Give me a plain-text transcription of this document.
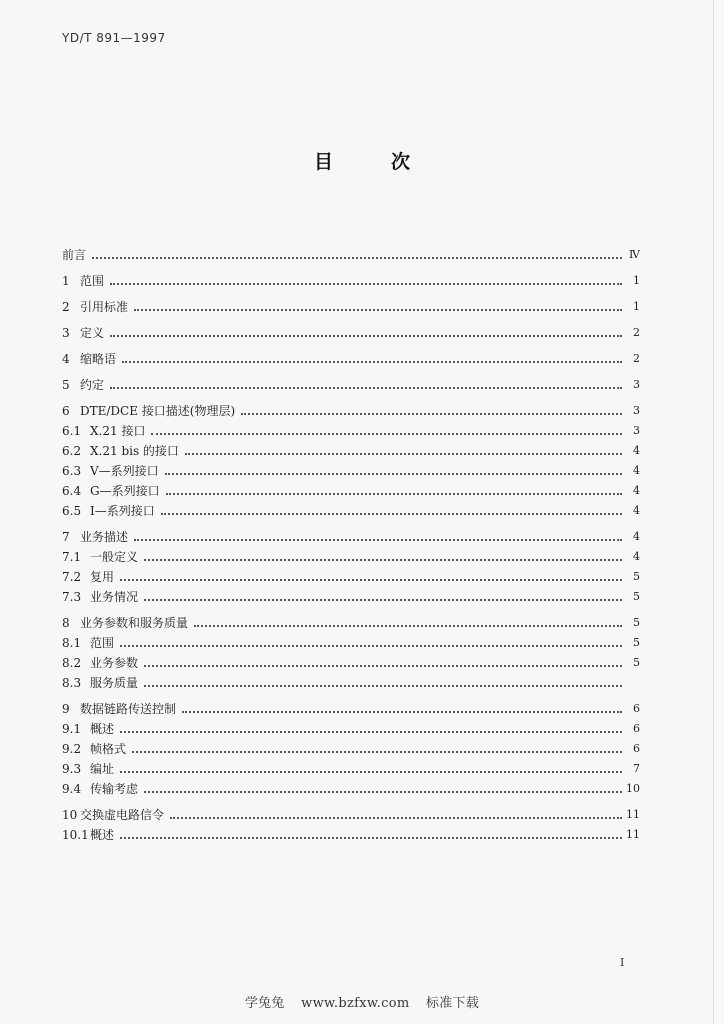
YD/T 891—1997
目	次
前言	Ⅳ
1 范围	1
2 引用标准	1
3 定义	2
4 缩略语	2
5 约定	3
6 DTE/DCE 接口描述(物理层)	3
6.1 X.21 接口	3
6.2 X.21 bis 的接口	4
6.3 V—系列接口	4
6.4 G—系列接口	4
6.5 I—系列接口	4
7 业务描述	4
7.1 一般定义	4
7.2 复用	5
7.3 业务情况	5
8 业务参数和服务质量	5
8.1 范围	5
8.2 业务参数	5
8.3 服务质量
9 数据链路传送控制	6
9.1 概述	6
9.2 帧格式	6
9.3 编址	7
9.4 传输考虑	10
10 交换虚电路信令	11
10.1 概述	11
I
学兔兔 www.bzfxw.com 标准下载
